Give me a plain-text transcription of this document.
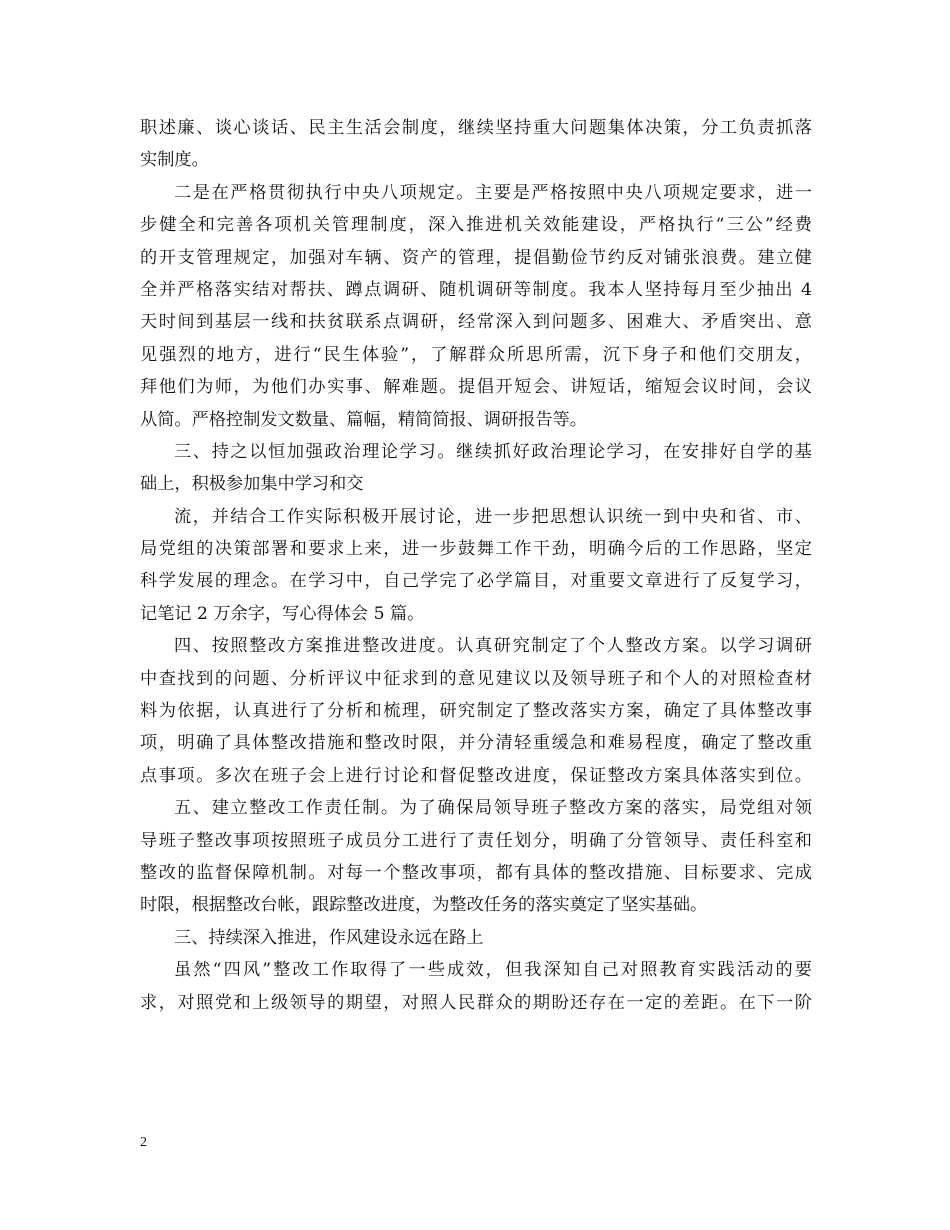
职述廉、谈心谈话、民主生活会制度，继续坚持重大问题集体决策，分工负责抓落
实制度。
二是在严格贯彻执行中央八项规定。主要是严格按照中央八项规定要求，进一
步健全和完善各项机关管理制度，深入推进机关效能建设，严格执行“三公”经费
的开支管理规定，加强对车辆、资产的管理，提倡勤俭节约反对铺张浪费。建立健
全并严格落实结对帮扶、蹲点调研、随机调研等制度。我本人坚持每月至少抽出 4
天时间到基层一线和扶贫联系点调研，经常深入到问题多、困难大、矛盾突出、意
见强烈的地方，进行“民生体验”，了解群众所思所需，沉下身子和他们交朋友，
拜他们为师，为他们办实事、解难题。提倡开短会、讲短话，缩短会议时间，会议
从简。严格控制发文数量、篇幅，精简简报、调研报告等。
三、持之以恒加强政治理论学习。继续抓好政治理论学习，在安排好自学的基
础上，积极参加集中学习和交
流，并结合工作实际积极开展讨论，进一步把思想认识统一到中央和省、市、
局党组的决策部署和要求上来，进一步鼓舞工作干劲，明确今后的工作思路，坚定
科学发展的理念。在学习中，自己学完了必学篇目，对重要文章进行了反复学习，
记笔记 2 万余字，写心得体会 5 篇。
四、按照整改方案推进整改进度。认真研究制定了个人整改方案。以学习调研
中查找到的问题、分析评议中征求到的意见建议以及领导班子和个人的对照检查材
料为依据，认真进行了分析和梳理，研究制定了整改落实方案，确定了具体整改事
项，明确了具体整改措施和整改时限，并分清轻重缓急和难易程度，确定了整改重
点事项。多次在班子会上进行讨论和督促整改进度，保证整改方案具体落实到位。
五、建立整改工作责任制。为了确保局领导班子整改方案的落实，局党组对领
导班子整改事项按照班子成员分工进行了责任划分，明确了分管领导、责任科室和
整改的监督保障机制。对每一个整改事项，都有具体的整改措施、目标要求、完成
时限，根据整改台帐，跟踪整改进度，为整改任务的落实奠定了坚实基础。
三、持续深入推进，作风建设永远在路上
虽然“四风”整改工作取得了一些成效，但我深知自己对照教育实践活动的要
求，对照党和上级领导的期望，对照人民群众的期盼还存在一定的差距。在下一阶
2
